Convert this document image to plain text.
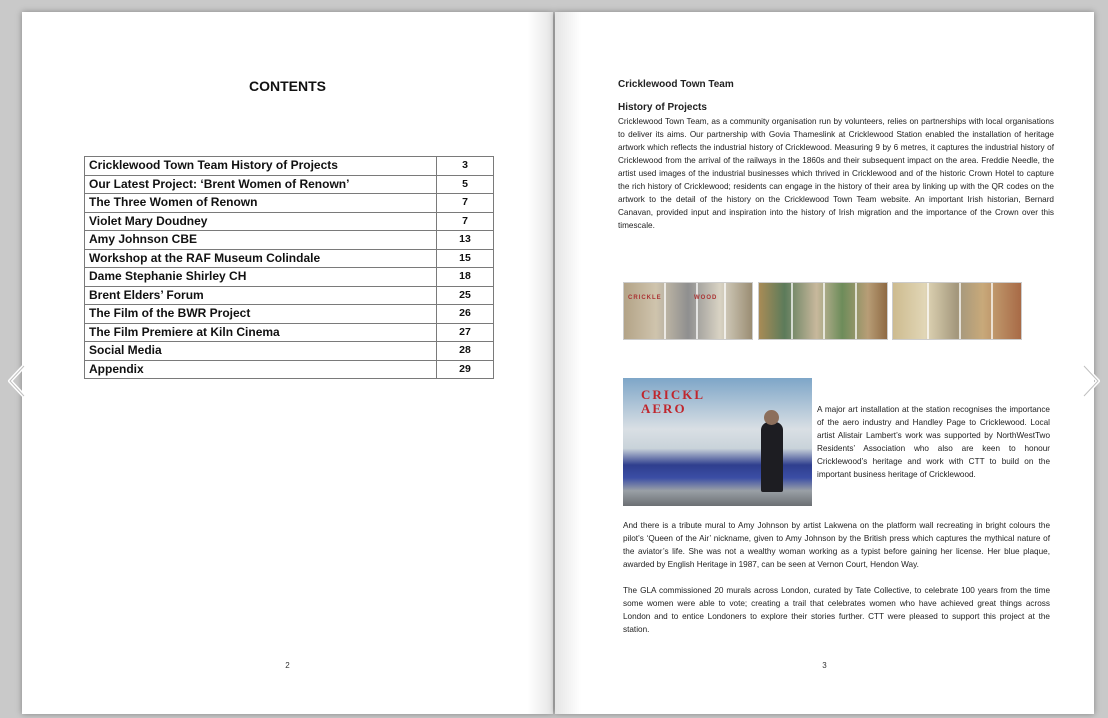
CONTENTS
Cricklewood Town Team History of Projects	3
Our Latest Project: ‘Brent Women of Renown’	5
The Three Women of Renown	7
Violet Mary Doudney	7
Amy Johnson CBE	13
Workshop at the RAF Museum Colindale	15
Dame Stephanie Shirley CH	18
Brent Elders’ Forum	25
The Film of the BWR Project	26
The Film Premiere at Kiln Cinema	27
Social Media	28
Appendix	29
2
Cricklewood Town Team
History of Projects
Cricklewood Town Team, as a community organisation run by volunteers, relies on partnerships with local organisations to deliver its aims. Our partnership with Govia Thameslink at Cricklewood Station enabled the installation of heritage artwork which reflects the industrial history of Cricklewood. Measuring 9 by 6 metres, it captures the industrial history of Cricklewood from the arrival of the railways in the 1860s and their subsequent impact on the area. Freddie Needle, the artist used images of the industrial businesses which thrived in Cricklewood and of the historic Crown Hotel to capture the rich history of Cricklewood; residents can engage in the history of their area by linking up with the QR codes on the artwork to the detail of the history on the Cricklewood Town Team website. An important Irish historian, Bernard Canavan, provided input and inspiration into the history of Irish migration and the importance of the Crown over this timescale.
CRICKLE	WOOD
CRICKL
AERO	A major art installation at the station recognises the importance of the aero industry and Handley Page to Cricklewood. Local artist Alistair Lambert’s work was supported by NorthWestTwo Residents’ Association who also are keen to honour Cricklewood’s heritage and work with CTT to build on the important business heritage of Cricklewood.
And there is a tribute mural to Amy Johnson by artist Lakwena on the platform wall recreating in bright colours the pilot’s ‘Queen of the Air’ nickname, given to Amy Johnson by the British press which captures the mythical nature of the aviator’s life. She was not a wealthy woman working as a typist before gaining her license. Her blue plaque, awarded by English Heritage in 1987, can be seen at Vernon Court, Hendon Way.
The GLA commissioned 20 murals across London, curated by Tate Collective, to celebrate 100 years from the time some women were able to vote; creating a trail that celebrates women who have achieved great things across London and to entice Londoners to explore their stories further. CTT were pleased to support this project at the station.
3
